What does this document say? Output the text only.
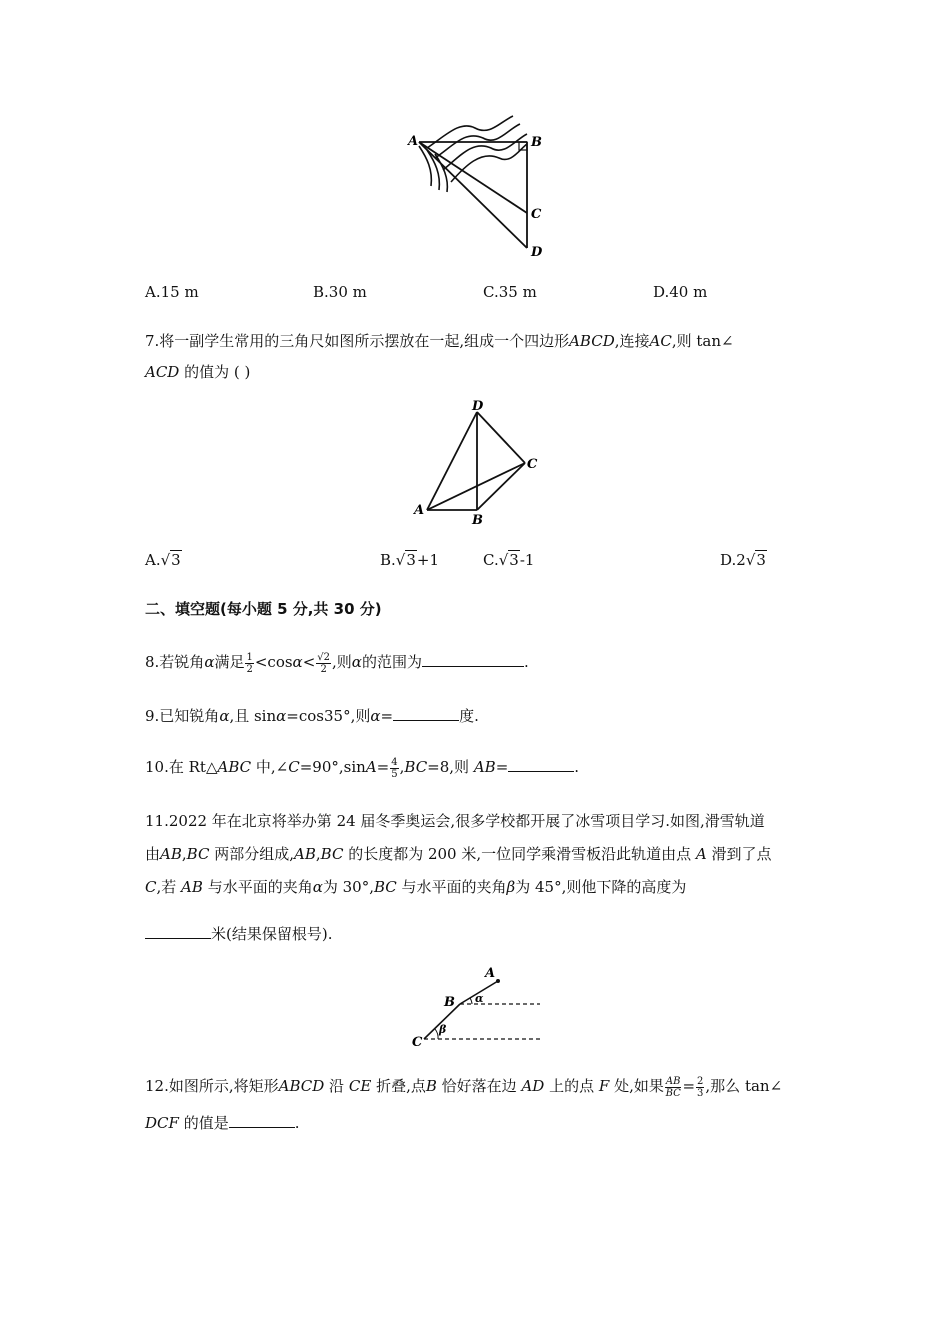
A	B
C
D
A.15 m	B.30 m	C.35 m	D.40 m
7.将一副学生常用的三角尺如图所示摆放在一起,组成一个四边形ABCD,连接AC,则 tan∠
ACD 的值为 ( )
D
C
A
B
A.√3	B.√3+1	C.√3-1	D.2√3
二、填空题(每小题 5 分,共 30 分)
8.若锐角α满足 $\frac{1}{2} <\cos\alpha< \frac{√2}{2}$ ,则α的范围为	.
9.已知锐角α,且 sinα=cos35°,则α=	度.
10.在 Rt△ABC 中,∠C=90°,sinA= $\frac{4}{5} ,BC=8$,则 AB=	.
11.2022 年在北京将举办第 24 届冬季奥运会,很多学校都开展了冰雪项目学习.如图,滑雪轨道
由AB,BC 两部分组成,AB,BC 的长度都为 200 米,一位同学乘滑雪板沿此轨道由点 A 滑到了点
C,若 AB 与水平面的夹角α为 30°,BC 与水平面的夹角β为 45°,则他下降的高度为
米(结果保留根号).
A
B α
β
C
12.如图所示,将矩形ABCD 沿 CE 折叠,点B 恰好落在边 AD 上的点 F 处,如果 $\frac{AB}{BC} = \frac{2}{3}$ ,那么 tan∠
DCF 的值是	.
